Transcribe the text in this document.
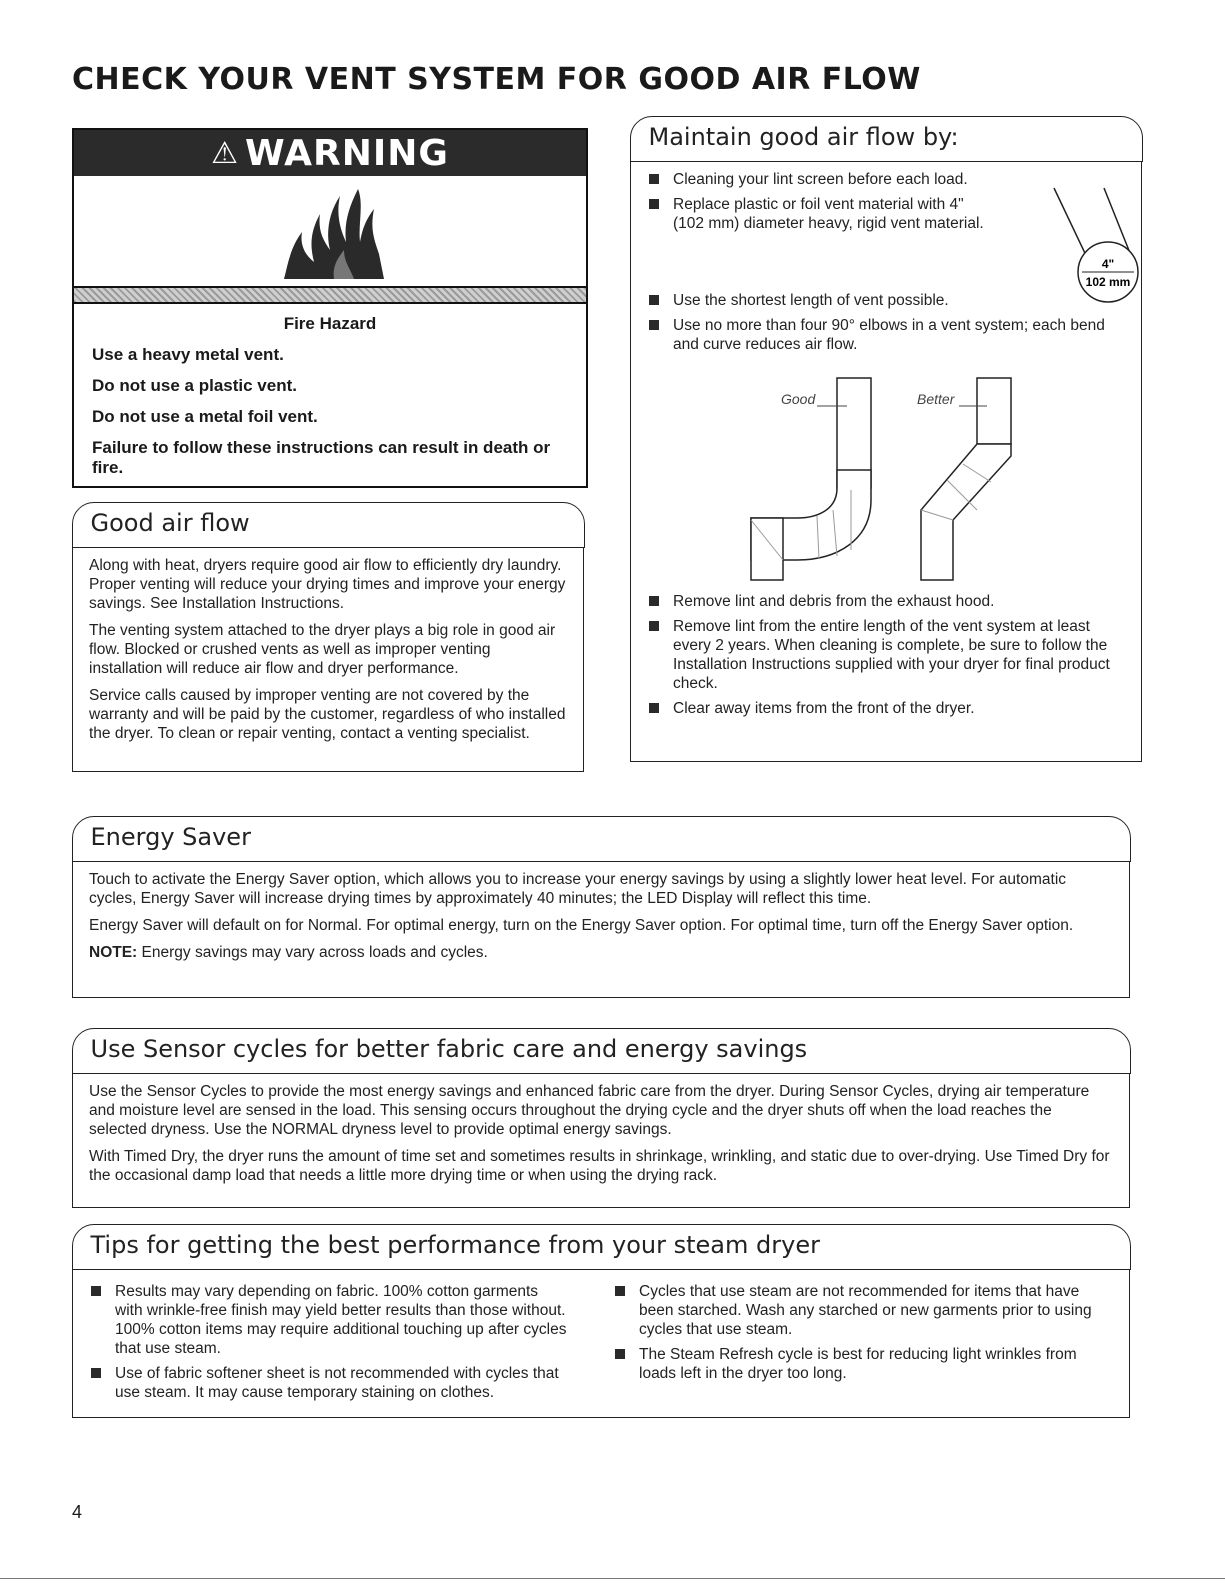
CHECK YOUR VENT SYSTEM FOR GOOD AIR FLOW
⚠ WARNING

Fire Hazard

Use a heavy metal vent.

Do not use a plastic vent.

Do not use a metal foil vent.

Failure to follow these instructions can result in death or fire.

Good air flow

Along with heat, dryers require good air flow to efficiently dry laundry. Proper venting will reduce your drying times and improve your energy savings. See Installation Instructions.

The venting system attached to the dryer plays a big role in good air flow. Blocked or crushed vents as well as improper venting installation will reduce air flow and dryer performance.

Service calls caused by improper venting are not covered by the warranty and will be paid by the customer, regardless of who installed the dryer. To clean or repair venting, contact a venting specialist.

Maintain good air flow by:
Cleaning your lint screen before each load.
Replace plastic or foil vent material with 4" (102 mm) diameter heavy, rigid vent material.
4"
102 mm
Use the shortest length of vent possible.
Use no more than four 90° elbows in a vent system; each bend and curve reduces air flow.
Good	Better
Remove lint and debris from the exhaust hood.
Remove lint from the entire length of the vent system at least every 2 years. When cleaning is complete, be sure to follow the Installation Instructions supplied with your dryer for final product check.
Clear away items from the front of the dryer.
Energy Saver

Touch to activate the Energy Saver option, which allows you to increase your energy savings by using a slightly lower heat level. For automatic cycles, Energy Saver will increase drying times by approximately 40 minutes; the LED Display will reflect this time.

Energy Saver will default on for Normal. For optimal energy, turn on the Energy Saver option. For optimal time, turn off the Energy Saver option.

NOTE: Energy savings may vary across loads and cycles.

Use Sensor cycles for better fabric care and energy savings

Use the Sensor Cycles to provide the most energy savings and enhanced fabric care from the dryer. During Sensor Cycles, drying air temperature and moisture level are sensed in the load. This sensing occurs throughout the drying cycle and the dryer shuts off when the load reaches the selected dryness. Use the NORMAL dryness level to provide optimal energy savings.

With Timed Dry, the dryer runs the amount of time set and sometimes results in shrinkage, wrinkling, and static due to over-drying. Use Timed Dry for the occasional damp load that needs a little more drying time or when using the drying rack.

Tips for getting the best performance from your steam dryer
Results may vary depending on fabric. 100% cotton garments with wrinkle-free finish may yield better results than those without. 100% cotton items may require additional touching up after cycles that use steam.
Use of fabric softener sheet is not recommended with cycles that use steam. It may cause temporary staining on clothes.
Cycles that use steam are not recommended for items that have been starched. Wash any starched or new garments prior to using cycles that use steam.
The Steam Refresh cycle is best for reducing light wrinkles from loads left in the dryer too long.
4
